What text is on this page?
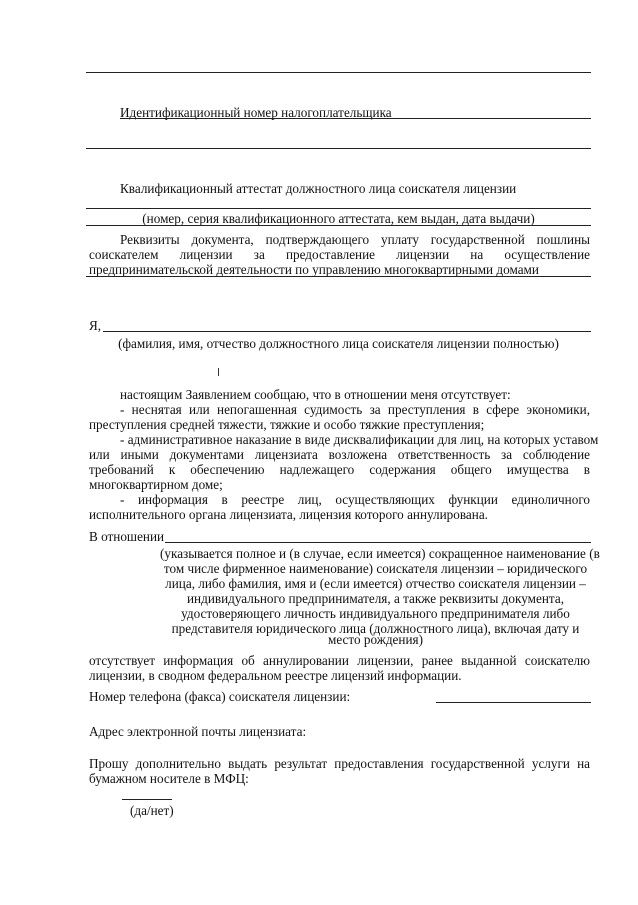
Идентификационный номер налогоплательщика
Квалификационный аттестат должностного лица соискателя лицензии
(номер, серия квалификационного аттестата, кем выдан, дата выдачи)
Реквизиты документа, подтверждающего уплату государственной пошлины
соискателем лицензии за предоставление лицензии на осуществление
предпринимательской деятельности по управлению многоквартирными домами
Я,
(фамилия, имя, отчество должностного лица соискателя лицензии полностью)
настоящим Заявлением сообщаю, что в отношении меня отсутствует:
- неснятая или непогашенная судимость за преступления в сфере экономики,
преступления средней тяжести, тяжкие и особо тяжкие преступления;
- административное наказание в виде дисквалификации для лиц, на которых уставом
или иными документами лицензиата возложена ответственность за соблюдение
требований к обеспечению надлежащего содержания общего имущества в
многоквартирном доме;
- информация в реестре лиц, осуществляющих функции единоличного
исполнительного органа лицензиата, лицензия которого аннулирована.
В отношении
(указывается полное и (в случае, если имеется) сокращенное наименование (в
том числе фирменное наименование) соискателя лицензии – юридического
лица, либо фамилия, имя и (если имеется) отчество соискателя лицензии –
индивидуального предпринимателя, а также реквизиты документа,
удостоверяющего личность индивидуального предпринимателя либо
представителя юридического лица (должностного лица), включая дату и
место рождения)
отсутствует информация об аннулировании лицензии, ранее выданной соискателю
лицензии, в сводном федеральном реестре лицензий информации.
Номер телефона (факса) соискателя лицензии:
Адрес электронной почты лицензиата:
Прошу дополнительно выдать результат предоставления государственной услуги на
бумажном носителе в МФЦ:
(да/нет)
